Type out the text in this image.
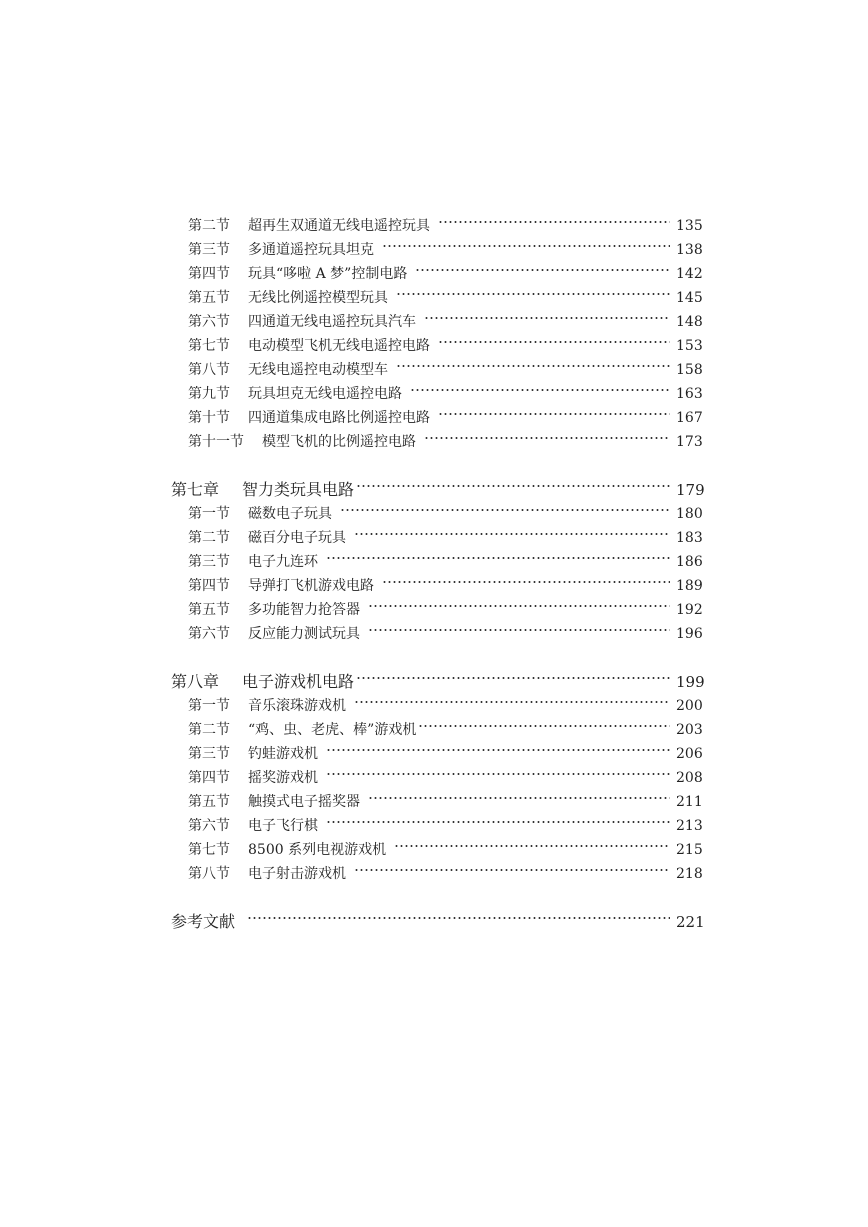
第二节	超再生双通道无线电遥控玩具	135
第三节	多通道遥控玩具坦克	138
第四节	玩具“哆啦 A 梦”控制电路	142
第五节	无线比例遥控模型玩具	145
第六节	四通道无线电遥控玩具汽车	148
第七节	电动模型飞机无线电遥控电路	153
第八节	无线电遥控电动模型车	158
第九节	玩具坦克无线电遥控电路	163
第十节	四通道集成电路比例遥控电路	167
第十一节	模型飞机的比例遥控电路	173
第七章	智力类玩具电路	179
第一节	磁数电子玩具	180
第二节	磁百分电子玩具	183
第三节	电子九连环	186
第四节	导弹打飞机游戏电路	189
第五节	多功能智力抢答器	192
第六节	反应能力测试玩具	196
第八章	电子游戏机电路	199
第一节	音乐滚珠游戏机	200
第二节	“鸡、虫、老虎、棒”游戏机	203
第三节	钓蛙游戏机	206
第四节	摇奖游戏机	208
第五节	触摸式电子摇奖器	211
第六节	电子飞行棋	213
第七节	8500 系列电视游戏机	215
第八节	电子射击游戏机	218
参考文献	221
